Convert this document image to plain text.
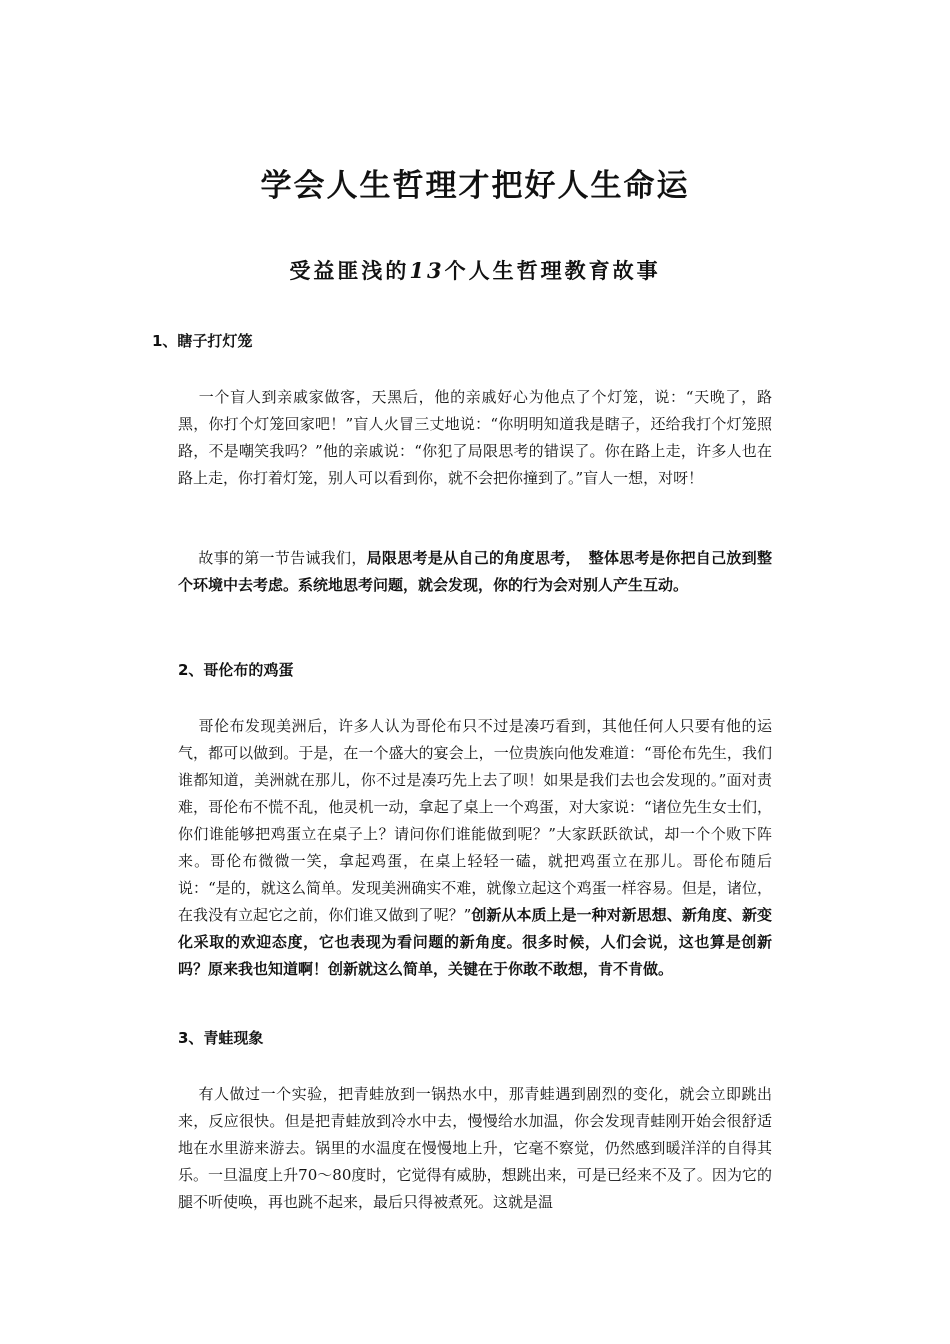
学会人生哲理才把好人生命运
受益匪浅的13个人生哲理教育故事
1、瞎子打灯笼
一个盲人到亲戚家做客，天黑后，他的亲戚好心为他点了个灯笼，说：“天晚了，路黑，你打个灯笼回家吧！”盲人火冒三丈地说：“你明明知道我是瞎子，还给我打个灯笼照路，不是嘲笑我吗？”他的亲戚说：“你犯了局限思考的错误了。你在路上走，许多人也在路上走，你打着灯笼，别人可以看到你，就不会把你撞到了。”盲人一想，对呀！
故事的第一节告诫我们，局限思考是从自己的角度思考，　整体思考是你把自己放到整个环境中去考虑。系统地思考问题，就会发现，你的行为会对别人产生互动。
2、哥伦布的鸡蛋
哥伦布发现美洲后，许多人认为哥伦布只不过是凑巧看到，其他任何人只要有他的运气，都可以做到。于是，在一个盛大的宴会上，一位贵族向他发难道：“哥伦布先生，我们谁都知道，美洲就在那儿，你不过是凑巧先上去了呗！如果是我们去也会发现的。”面对责难，哥伦布不慌不乱，他灵机一动，拿起了桌上一个鸡蛋，对大家说：“诸位先生女士们，你们谁能够把鸡蛋立在桌子上？请问你们谁能做到呢？”大家跃跃欲试，却一个个败下阵来。哥伦布微微一笑，拿起鸡蛋，在桌上轻轻一磕，就把鸡蛋立在那儿。哥伦布随后说：“是的，就这么简单。发现美洲确实不难，就像立起这个鸡蛋一样容易。但是，诸位，在我没有立起它之前，你们谁又做到了呢？”创新从本质上是一种对新思想、新角度、新变化采取的欢迎态度，它也表现为看问题的新角度。很多时候，人们会说，这也算是创新吗？原来我也知道啊！创新就这么简单，关键在于你敢不敢想，肯不肯做。
3、青蛙现象
有人做过一个实验，把青蛙放到一锅热水中，那青蛙遇到剧烈的变化，就会立即跳出来，反应很快。但是把青蛙放到冷水中去，慢慢给水加温，你会发现青蛙刚开始会很舒适地在水里游来游去。锅里的水温度在慢慢地上升，它毫不察觉，仍然感到暖洋洋的自得其乐。一旦温度上升70～80度时，它觉得有威胁，想跳出来，可是已经来不及了。因为它的腿不听使唤，再也跳不起来，最后只得被煮死。这就是温
